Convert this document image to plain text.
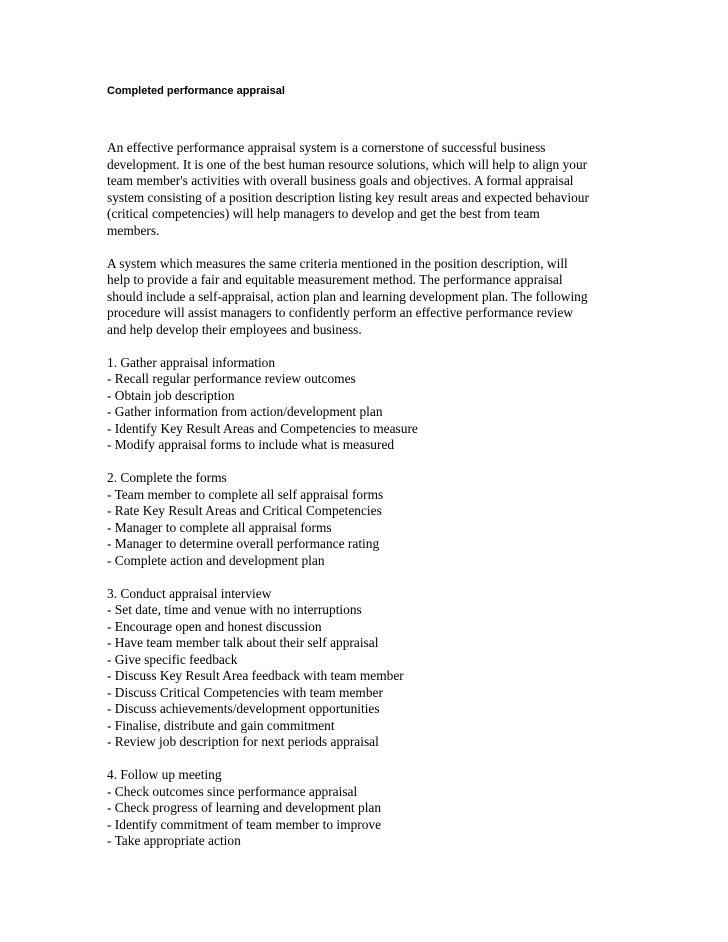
Completed performance appraisal
An effective performance appraisal system is a cornerstone of successful business
development. It is one of the best human resource solutions, which will help to align your
team member's activities with overall business goals and objectives. A formal appraisal
system consisting of a position description listing key result areas and expected behaviour
(critical competencies) will help managers to develop and get the best from team
members.
A system which measures the same criteria mentioned in the position description, will
help to provide a fair and equitable measurement method. The performance appraisal
should include a self-appraisal, action plan and learning development plan. The following
procedure will assist managers to confidently perform an effective performance review
and help develop their employees and business.
1. Gather appraisal information
- Recall regular performance review outcomes
- Obtain job description
- Gather information from action/development plan
- Identify Key Result Areas and Competencies to measure
- Modify appraisal forms to include what is measured
2. Complete the forms
- Team member to complete all self appraisal forms
- Rate Key Result Areas and Critical Competencies
- Manager to complete all appraisal forms
- Manager to determine overall performance rating
- Complete action and development plan
3. Conduct appraisal interview
- Set date, time and venue with no interruptions
- Encourage open and honest discussion
- Have team member talk about their self appraisal
- Give specific feedback
- Discuss Key Result Area feedback with team member
- Discuss Critical Competencies with team member
- Discuss achievements/development opportunities
- Finalise, distribute and gain commitment
- Review job description for next periods appraisal
4. Follow up meeting
- Check outcomes since performance appraisal
- Check progress of learning and development plan
- Identify commitment of team member to improve
- Take appropriate action
